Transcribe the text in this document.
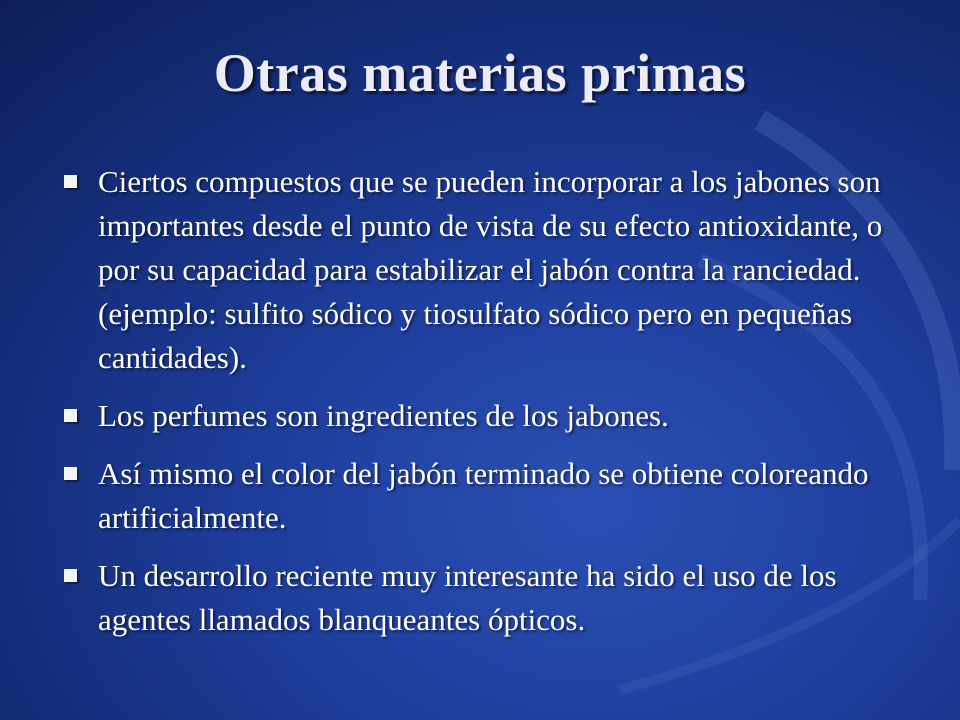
Otras materias primas
Ciertos compuestos que se pueden incorporar a los jabones son importantes desde el punto de vista de su efecto antioxidante, o por su capacidad para estabilizar el jabón contra la ranciedad. (ejemplo: sulfito sódico y tiosulfato sódico pero en pequeñas cantidades).
Los perfumes son ingredientes de los jabones.
Así mismo el color del jabón terminado se obtiene coloreando artificialmente.
Un desarrollo reciente muy interesante ha sido el uso de los agentes llamados blanqueantes ópticos.
